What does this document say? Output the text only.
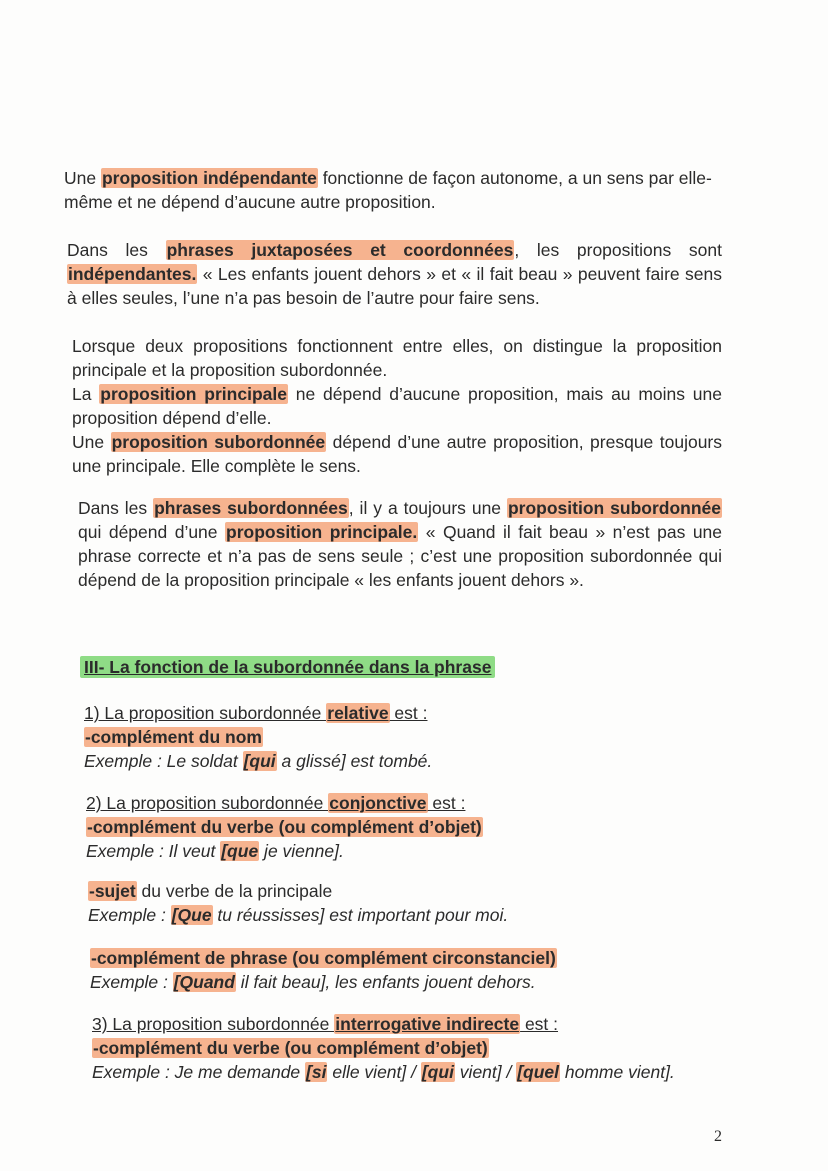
Une proposition indépendante fonctionne de façon autonome, a un sens par elle-même et ne dépend d’aucune autre proposition.

Dans les phrases juxtaposées et coordonnées, les propositions sont indépendantes. « Les enfants jouent dehors » et « il fait beau » peuvent faire sens à elles seules, l’une n’a pas besoin de l’autre pour faire sens.

Lorsque deux propositions fonctionnent entre elles, on distingue la proposition principale et la proposition subordonnée.
La proposition principale ne dépend d’aucune proposition, mais au moins une proposition dépend d’elle.
Une proposition subordonnée dépend d’une autre proposition, presque toujours une principale. Elle complète le sens.

Dans les phrases subordonnées, il y a toujours une proposition subordonnée qui dépend d’une proposition principale. « Quand il fait beau » n’est pas une phrase correcte et n’a pas de sens seule ; c’est une proposition subordonnée qui dépend de la proposition principale « les enfants jouent dehors ».

III- La fonction de la subordonnée dans la phrase

1) La proposition subordonnée relative est :
-complément du nom
Exemple : Le soldat [qui a glissé] est tombé.
2) La proposition subordonnée conjonctive est :
-complément du verbe (ou complément d’objet)
Exemple : Il veut [que je vienne].
-sujet du verbe de la principale
Exemple : [Que tu réussisses] est important pour moi.
-complément de phrase (ou complément circonstanciel)
Exemple : [Quand il fait beau], les enfants jouent dehors.
3) La proposition subordonnée interrogative indirecte est :
-complément du verbe (ou complément d’objet)
Exemple : Je me demande [si elle vient] / [qui vient] / [quel homme vient].
2
